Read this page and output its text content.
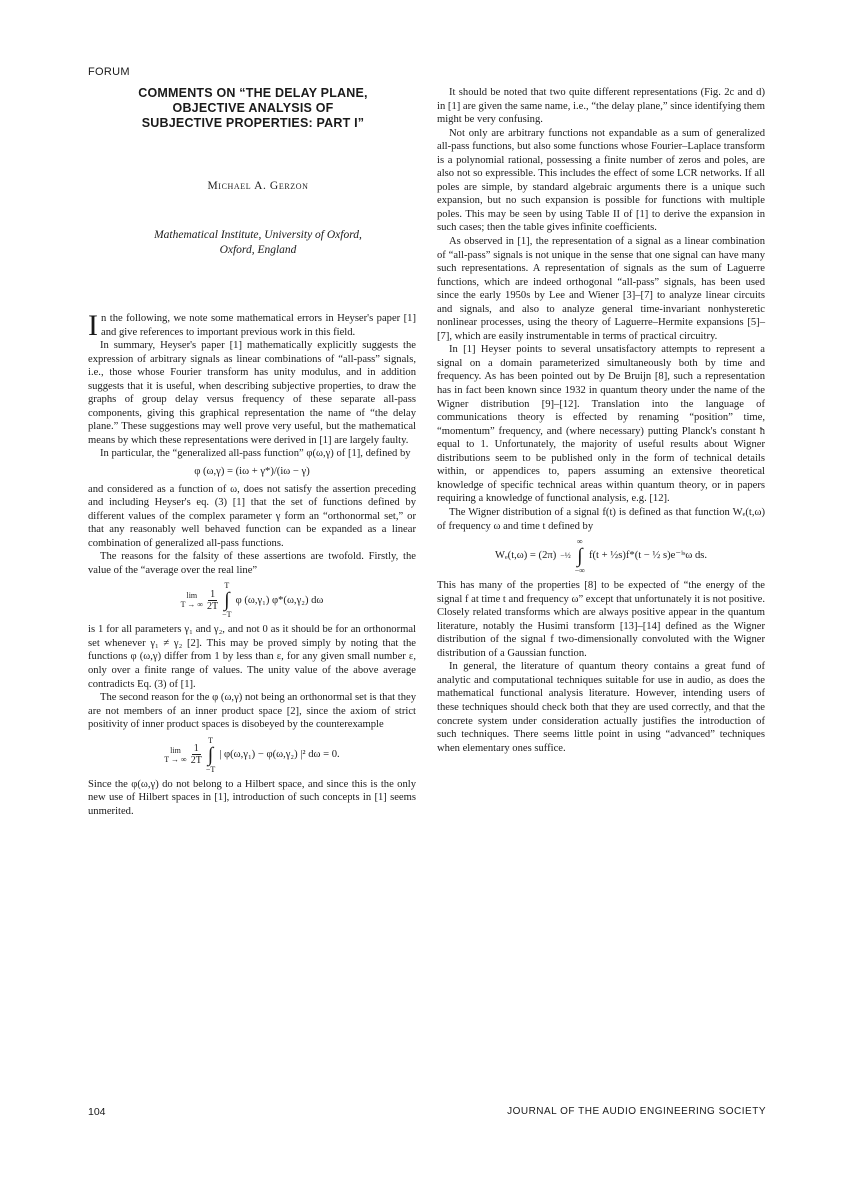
FORUM
COMMENTS ON “THE DELAY PLANE,
OBJECTIVE ANALYSIS OF
SUBJECTIVE PROPERTIES: PART I”
Michael A. Gerzon
Mathematical Institute, University of Oxford,
Oxford, England

In the following, we note some mathematical errors in Heyser's paper [1] and give references to important previous work in this field.

In summary, Heyser's paper [1] mathematically explicitly suggests the expression of arbitrary signals as linear combinations of “all-pass” signals, i.e., those whose Fourier transform has unity modulus, and in addition suggests that it is useful, when describing subjective properties, to draw the graphs of group delay versus frequency of these separate all-pass components, giving this graphical representation the name of “the delay plane.” These suggestions may well prove very useful, but the mathematical means by which these representations were derived in [1] are largely faulty.

In particular, the “generalized all-pass function” φ(ω,γ) of [1], defined by

φ (ω,γ) = (iω + γ*)/(iω − γ)

and considered as a function of ω, does not satisfy the assertion preceding and including Heyser's eq. (3) [1] that the set of functions defined by different values of the complex parameter γ form an “orthonormal set,” or that any reasonably well behaved function can be expanded as a linear combination of generalized all-pass functions.

The reasons for the falsity of these assertions are twofold. Firstly, the value of the “average over the real line”

lim
T → ∞ $\frac{1}{2T}$
T
∫
−T
φ (ω,γ₁) φ*(ω,γ₂) dω

is 1 for all parameters γ₁ and γ₂, and not 0 as it should be for an orthonormal set whenever γ₁ ≠ γ₂ [2]. This may be proved simply by noting that the functions φ (ω,γ) differ from 1 by less than ε, for any given small number ε, only over a finite range of values. The unity value of the above average contradicts Eq. (3) of [1].

The second reason for the φ (ω,γ) not being an orthonormal set is that they are not members of an inner product space [2], since the axiom of strict positivity of inner product spaces is disobeyed by the counterexample

lim
T → ∞ $\frac{1}{2T}$
T
∫
−T
| φ(ω,γ₁) − φ(ω,γ₂) |² dω = 0.

Since the φ(ω,γ) do not belong to a Hilbert space, and since this is the only new use of Hilbert spaces in [1], introduction of such concepts in [1] seems unmerited.

It should be noted that two quite different representations (Fig. 2c and d) in [1] are given the same name, i.e., “the delay plane,” since identifying them might be very confusing.

Not only are arbitrary functions not expandable as a sum of generalized all-pass functions, but also some functions whose Fourier–Laplace transform is a polynomial rational, possessing a finite number of zeros and poles, are also not so expressible. This includes the effect of some LCR networks. If all poles are simple, by standard algebraic arguments there is a unique such expansion, but no such expansion is possible for functions with multiple poles. This may be seen by using Table II of [1] to derive the expansion in such cases; then the table gives infinite coefficients.

As observed in [1], the representation of a signal as a linear combination of “all-pass” signals is not unique in the sense that one signal can have many such representations. A representation of signals as the sum of Laguerre functions, which are indeed orthogonal “all-pass” signals, has been used since the early 1950s by Lee and Wiener [3]–[7] to analyze linear circuits and signals, and also to analyze general time-invariant nonhysteretic nonlinear processes, using the theory of Laguerre–Hermite expansions [5]–[7], which are easily instrumentable in terms of practical circuitry.

In [1] Heyser points to several unsatisfactory attempts to represent a signal on a domain parameterized simultaneously both by time and frequency. As has been pointed out by De Bruijn [8], such a representation has in fact been known since 1932 in quantum theory under the name of the Wigner distribution [9]–[12]. Translation into the language of communications theory is effected by renaming “position” time, “momentum” frequency, and (where necessary) putting Planck's constant ħ equal to 1. Unfortunately, the majority of useful results about Wigner distributions seem to be published only in the form of technical details within, or appendices to, papers assuming an extensive theoretical knowledge of specific technical areas within quantum theory, or in papers requiring a knowledge of functional analysis, e.g. [12].

The Wigner distribution of a signal f(t) is defined as that function Wₑ(t,ω) of frequency ω and time t defined by

Wₑ(t,ω) = (2π) −½
∞
∫
−∞
f(t + ½s)f*(t − ½ s)e⁻ⁱˢω ds.

This has many of the properties [8] to be expected of “the energy of the signal f at time t and frequency ω” except that unfortunately it is not positive. Closely related transforms which are always positive appear in the quantum literature, notably the Husimi transform [13]–[14] defined as the Wigner distribution of the signal f two-dimensionally convoluted with the Wigner distribution of a Gaussian function.

In general, the literature of quantum theory contains a great fund of analytic and computational techniques suitable for use in audio, as does the mathematical functional analysis literature. However, intending users of these techniques should check both that they are used correctly, and that the concrete system under consideration actually justifies the introduction of such techniques. There seems little point in using “advanced” techniques when elementary ones suffice.

104	JOURNAL OF THE AUDIO ENGINEERING SOCIETY
